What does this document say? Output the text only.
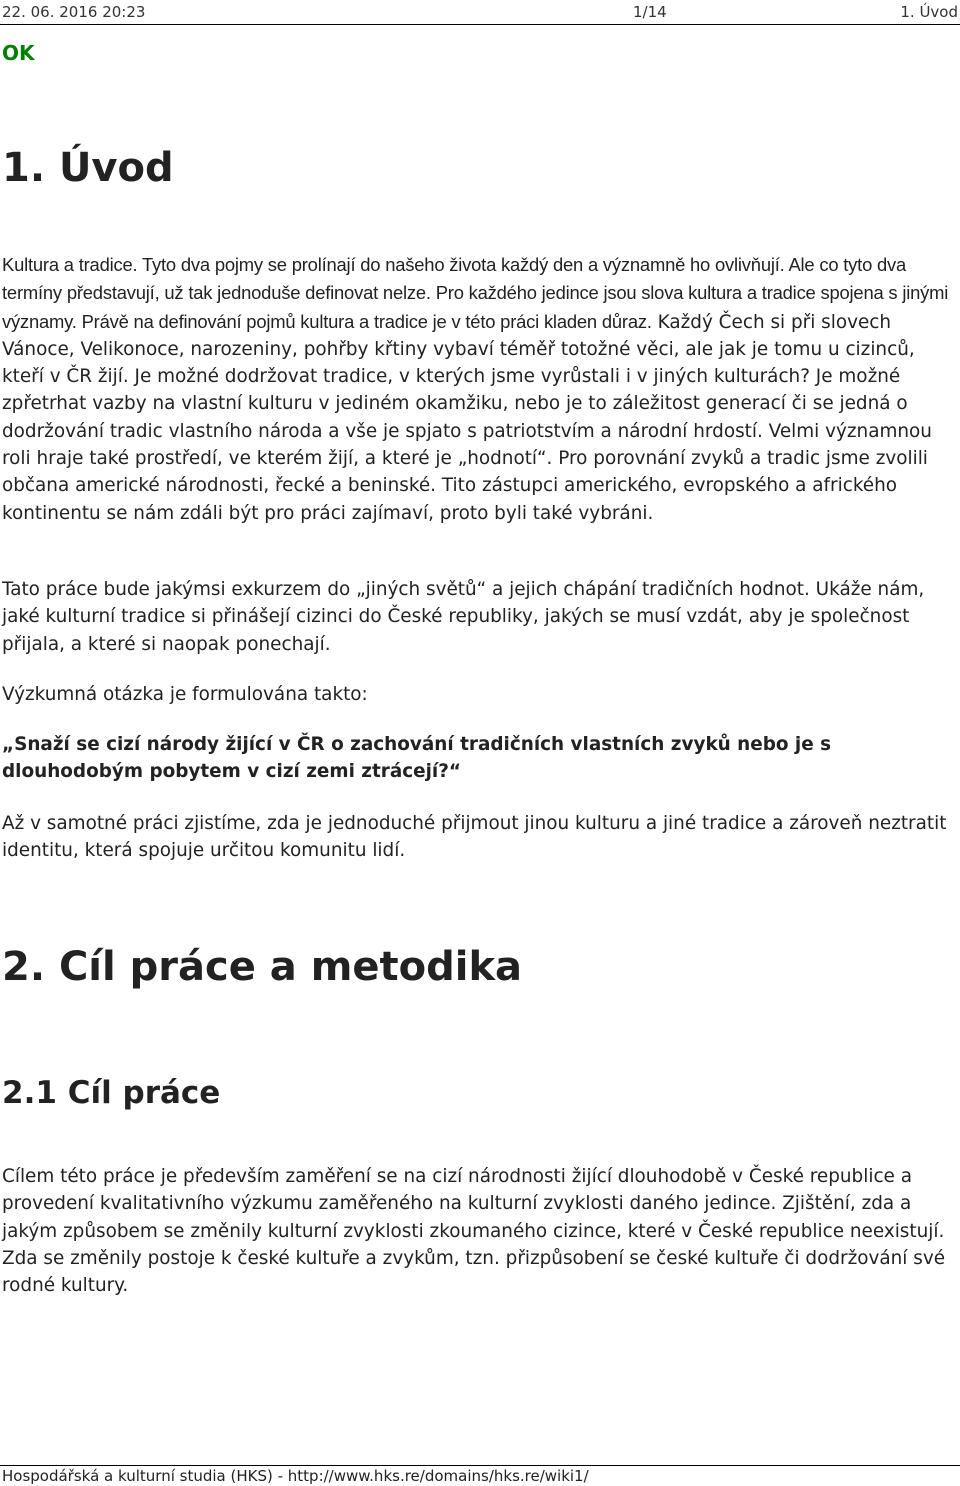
22. 06. 2016 20:23	1/14	1. Úvod
OK
1. Úvod

Kultura a tradice. Tyto dva pojmy se prolínají do našeho života každý den a významně ho ovlivňují. Ale co tyto dva termíny představují, už tak jednoduše definovat nelze. Pro každého jedince jsou slova kultura a tradice spojena s jinými významy. Právě na definování pojmů kultura a tradice je v této práci kladen důraz. Každý Čech si při slovech Vánoce, Velikonoce, narozeniny, pohřby křtiny vybaví téměř totožné věci, ale jak je tomu u cizinců, kteří v ČR žijí. Je možné dodržovat tradice, v kterých jsme vyrůstali i v jiných kulturách? Je možné zpřetrhat vazby na vlastní kulturu v jediném okamžiku, nebo je to záležitost generací či se jedná o dodržování tradic vlastního národa a vše je spjato s patriotstvím a národní hrdostí. Velmi významnou roli hraje také prostředí, ve kterém žijí, a které je „hodnotí“. Pro porovnání zvyků a tradic jsme zvolili občana americké národnosti, řecké a beninské. Tito zástupci amerického, evropského a afrického kontinentu se nám zdáli být pro práci zajímaví, proto byli také vybráni.

Tato práce bude jakýmsi exkurzem do „jiných světů“ a jejich chápání tradičních hodnot. Ukáže nám, jaké kulturní tradice si přinášejí cizinci do České republiky, jakých se musí vzdát, aby je společnost přijala, a které si naopak ponechají.

Výzkumná otázka je formulována takto:

„Snaží se cizí národy žijící v ČR o zachování tradičních vlastních zvyků nebo je s dlouhodobým pobytem v cizí zemi ztrácejí?“

Až v samotné práci zjistíme, zda je jednoduché přijmout jinou kulturu a jiné tradice a zároveň neztratit identitu, která spojuje určitou komunitu lidí.

2. Cíl práce a metodika
2.1 Cíl práce

Cílem této práce je především zaměření se na cizí národnosti žijící dlouhodobě v České republice a provedení kvalitativního výzkumu zaměřeného na kulturní zvyklosti daného jedince. Zjištění, zda a jakým způsobem se změnily kulturní zvyklosti zkoumaného cizince, které v České republice neexistují. Zda se změnily postoje k české kultuře a zvykům, tzn. přizpůsobení se české kultuře či dodržování své rodné kultury.

Hospodářská a kulturní studia (HKS) - http://www.hks.re/domains/hks.re/wiki1/
